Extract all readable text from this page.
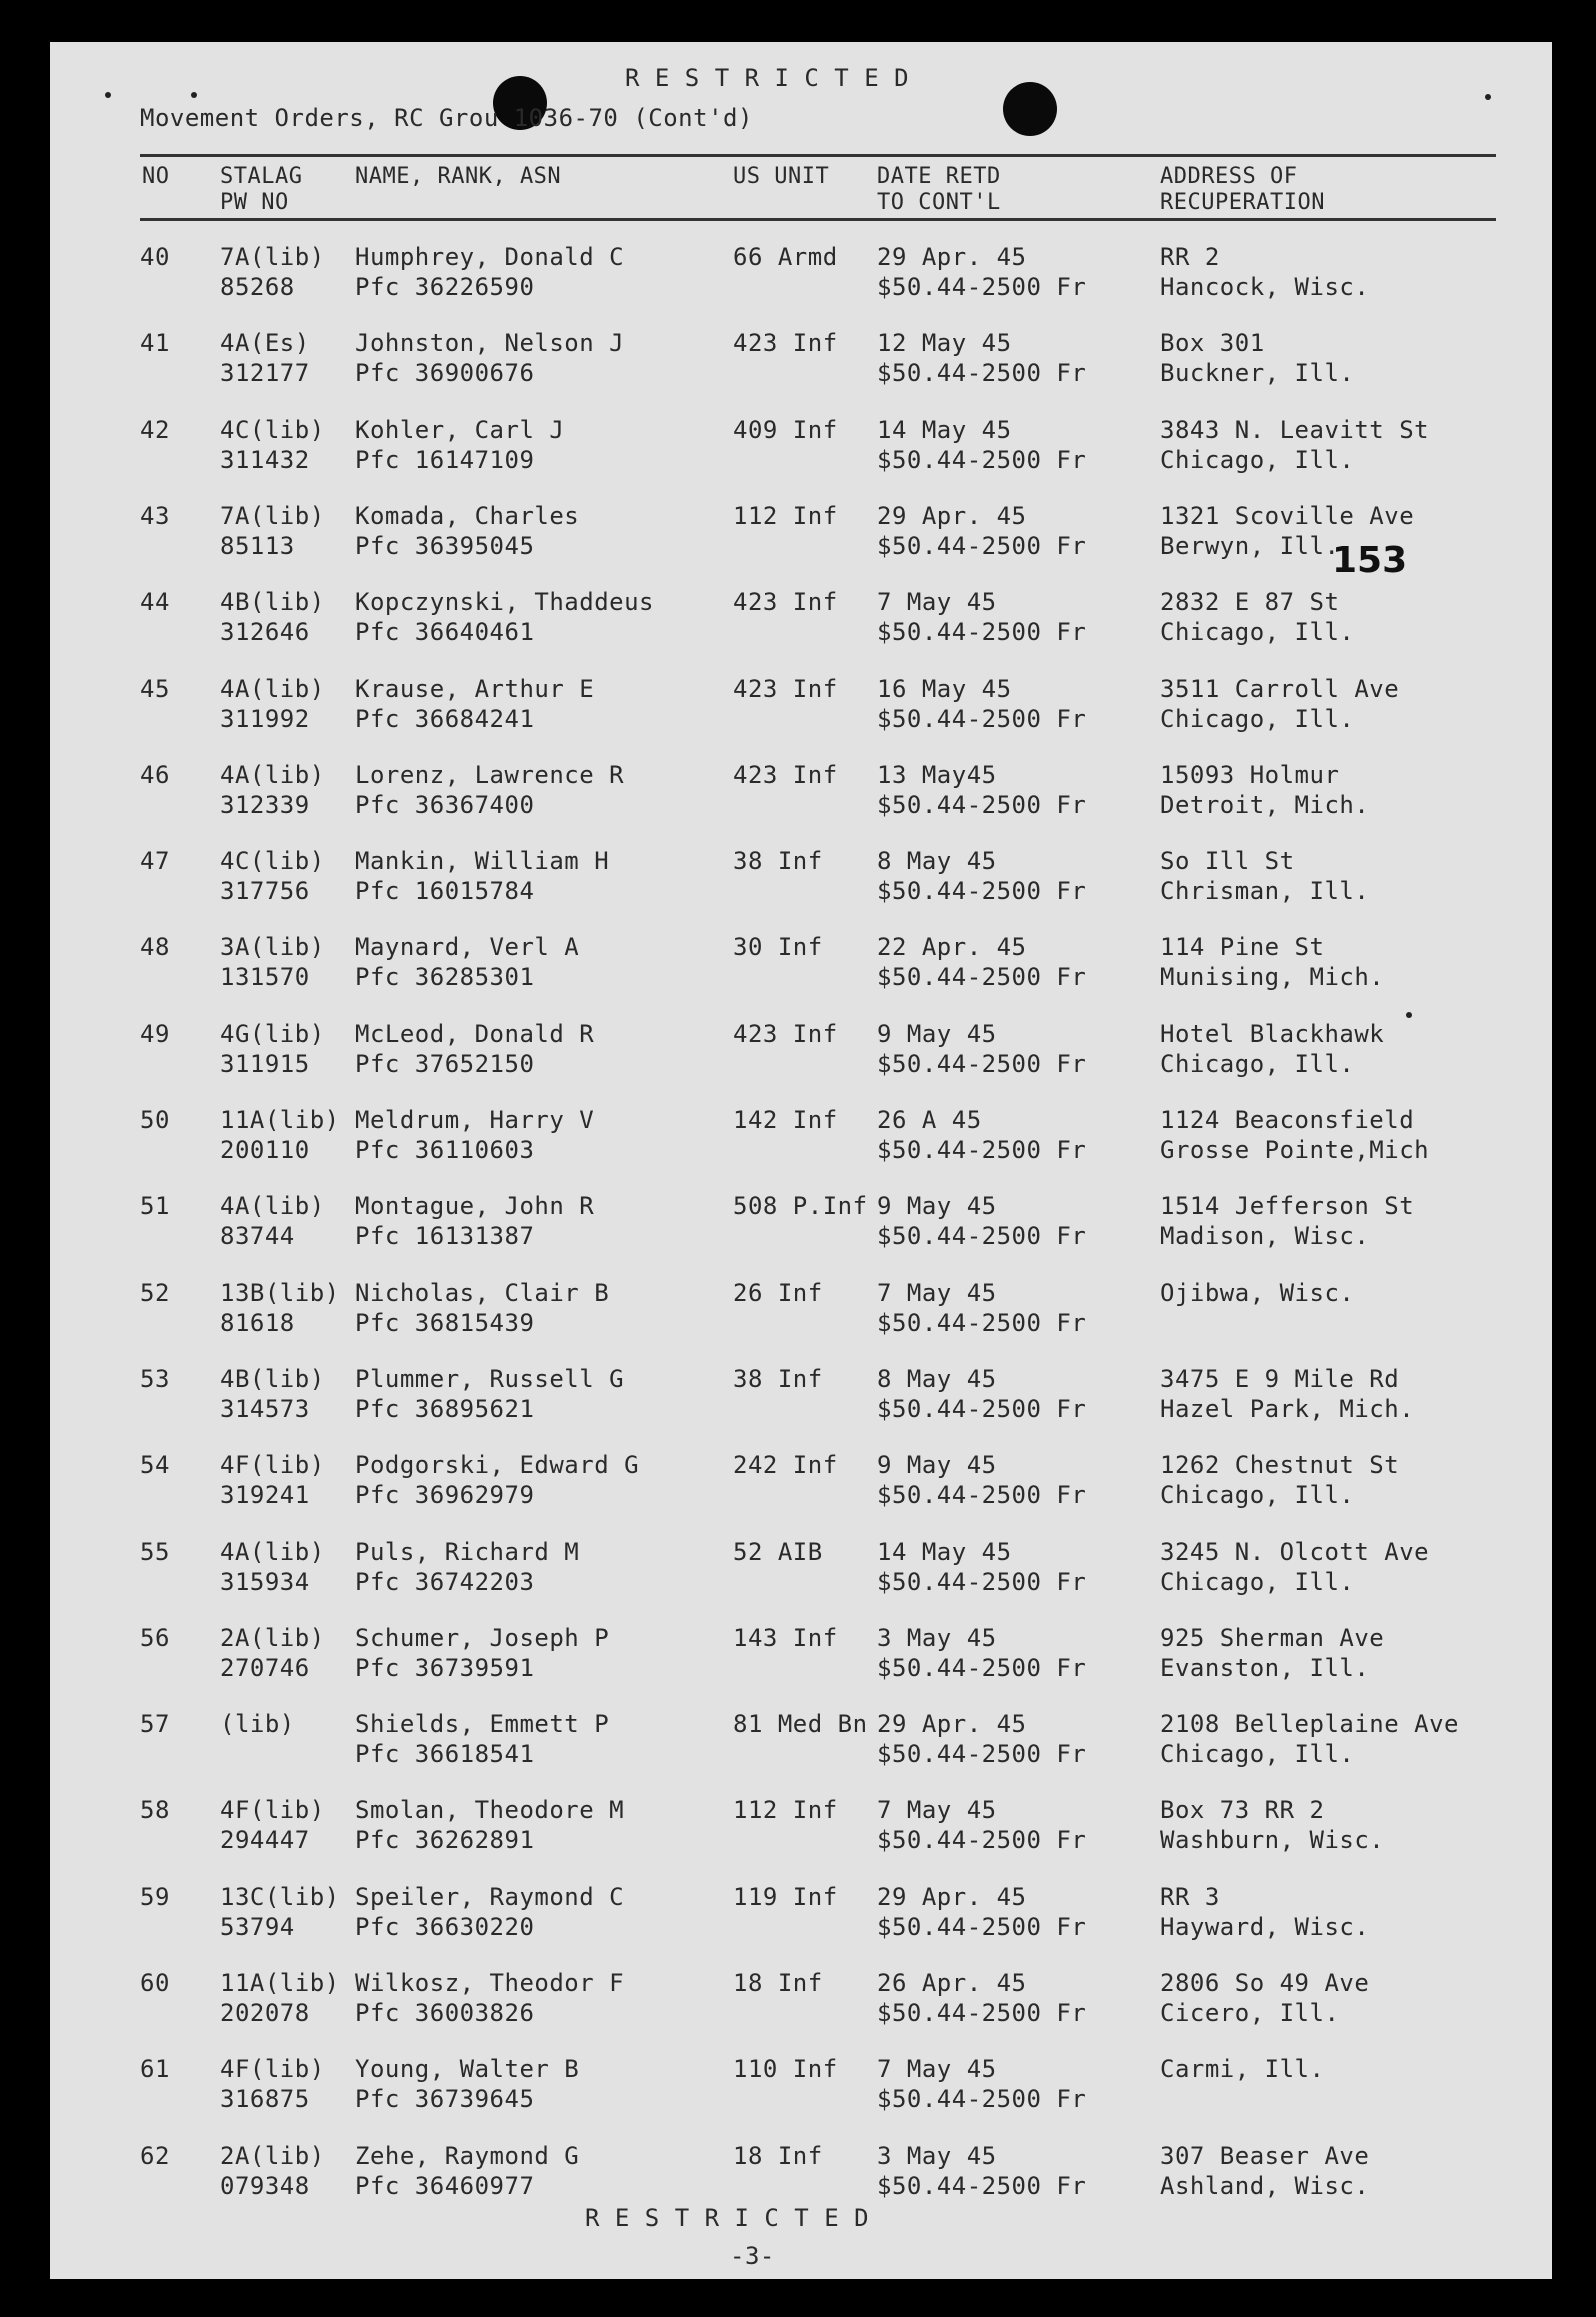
R E S T R I C T E D
Movement Orders, RC Grou 1036-70 (Cont'd)
NO STALAG
PW NO
NAME, RANK, ASN	US UNIT DATE RETD
TO CONT'L
ADDRESS OF
RECUPERATION
153
40 7A(lib)
85268
Humphrey, Donald C
Pfc 36226590
66 Armd 29 Apr. 45
$50.44-2500 Fr
RR 2
Hancock, Wisc.
41 4A(Es)
312177
Johnston, Nelson J
Pfc 36900676
423 Inf 12 May 45
$50.44-2500 Fr
Box 301
Buckner, Ill.
42 4C(lib)
311432
Kohler, Carl J
Pfc 16147109
409 Inf 14 May 45
$50.44-2500 Fr
3843 N. Leavitt St
Chicago, Ill.
43 7A(lib)
85113
Komada, Charles
Pfc 36395045
112 Inf 29 Apr. 45
$50.44-2500 Fr
1321 Scoville Ave
Berwyn, Ill.
44 4B(lib)
312646
Kopczynski, Thaddeus
Pfc 36640461
423 Inf 7 May 45
$50.44-2500 Fr
2832 E 87 St
Chicago, Ill.
45 4A(lib)
311992
Krause, Arthur E
Pfc 36684241
423 Inf 16 May 45
$50.44-2500 Fr
3511 Carroll Ave
Chicago, Ill.
46 4A(lib)
312339
Lorenz, Lawrence R
Pfc 36367400
423 Inf 13 May45
$50.44-2500 Fr
15093 Holmur
Detroit, Mich.
47 4C(lib)
317756
Mankin, William H
Pfc 16015784
38 Inf 8 May 45
$50.44-2500 Fr
So Ill St
Chrisman, Ill.
48 3A(lib)
131570
Maynard, Verl A
Pfc 36285301
30 Inf 22 Apr. 45
$50.44-2500 Fr
114 Pine St
Munising, Mich.
49 4G(lib)
311915
McLeod, Donald R
Pfc 37652150
423 Inf 9 May 45
$50.44-2500 Fr
Hotel Blackhawk
Chicago, Ill.
50 11A(lib)
200110
Meldrum, Harry V
Pfc 36110603
142 Inf 26 A 45
$50.44-2500 Fr
1124 Beaconsfield
Grosse Pointe,Mich
51 4A(lib)
83744
Montague, John R
Pfc 16131387
508 P.Inf 9 May 45
$50.44-2500 Fr
1514 Jefferson St
Madison, Wisc.
52 13B(lib)
81618
Nicholas, Clair B
Pfc 36815439
26 Inf 7 May 45
$50.44-2500 Fr
Ojibwa, Wisc.
53 4B(lib)
314573
Plummer, Russell G
Pfc 36895621
38 Inf 8 May 45
$50.44-2500 Fr
3475 E 9 Mile Rd
Hazel Park, Mich.
54 4F(lib)
319241
Podgorski, Edward G
Pfc 36962979
242 Inf 9 May 45
$50.44-2500 Fr
1262 Chestnut St
Chicago, Ill.
55 4A(lib)
315934
Puls, Richard M
Pfc 36742203
52 AIB 14 May 45
$50.44-2500 Fr
3245 N. Olcott Ave
Chicago, Ill.
56 2A(lib)
270746
Schumer, Joseph P
Pfc 36739591
143 Inf 3 May 45
$50.44-2500 Fr
925 Sherman Ave
Evanston, Ill.
57 (lib)	Shields, Emmett P
Pfc 36618541
81 Med Bn 29 Apr. 45
$50.44-2500 Fr
2108 Belleplaine Ave
Chicago, Ill.
58 4F(lib)
294447
Smolan, Theodore M
Pfc 36262891
112 Inf 7 May 45
$50.44-2500 Fr
Box 73 RR 2
Washburn, Wisc.
59 13C(lib)
53794
Speiler, Raymond C
Pfc 36630220
119 Inf 29 Apr. 45
$50.44-2500 Fr
RR 3
Hayward, Wisc.
60 11A(lib)
202078
Wilkosz, Theodor F
Pfc 36003826
18 Inf 26 Apr. 45
$50.44-2500 Fr
2806 So 49 Ave
Cicero, Ill.
61 4F(lib)
316875
Young, Walter B
Pfc 36739645
110 Inf 7 May 45
$50.44-2500 Fr
Carmi, Ill.
62 2A(lib)
079348
Zehe, Raymond G
Pfc 36460977
18 Inf 3 May 45
$50.44-2500 Fr
307 Beaser Ave
Ashland, Wisc.
R E S T R I C T E D
-3-
